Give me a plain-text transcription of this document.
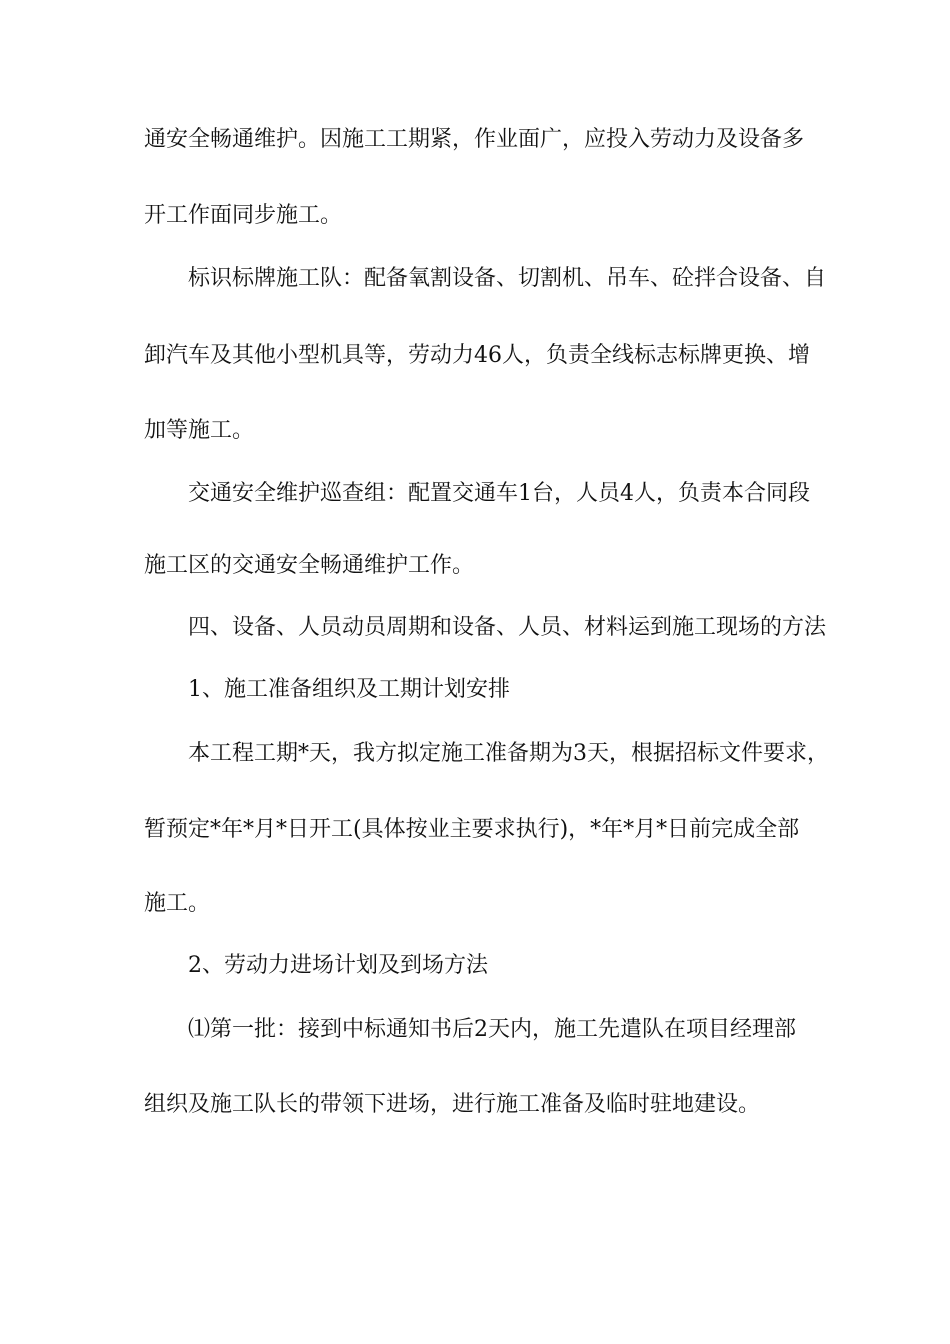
通安全畅通维护。因施工工期紧，作业面广，应投入劳动力及设备多
开工作面同步施工。
标识标牌施工队：配备氧割设备、切割机、吊车、砼拌合设备、自
卸汽车及其他小型机具等，劳动力46人，负责全线标志标牌更换、增
加等施工。
交通安全维护巡查组：配置交通车1台，人员4人，负责本合同段
施工区的交通安全畅通维护工作。
四、设备、人员动员周期和设备、人员、材料运到施工现场的方法
1、施工准备组织及工期计划安排
本工程工期*天，我方拟定施工准备期为3天，根据招标文件要求，
暂预定*年*月*日开工(具体按业主要求执行)，*年*月*日前完成全部
施工。
2、劳动力进场计划及到场方法
⑴第一批：接到中标通知书后2天内，施工先遣队在项目经理部
组织及施工队长的带领下进场，进行施工准备及临时驻地建设。
